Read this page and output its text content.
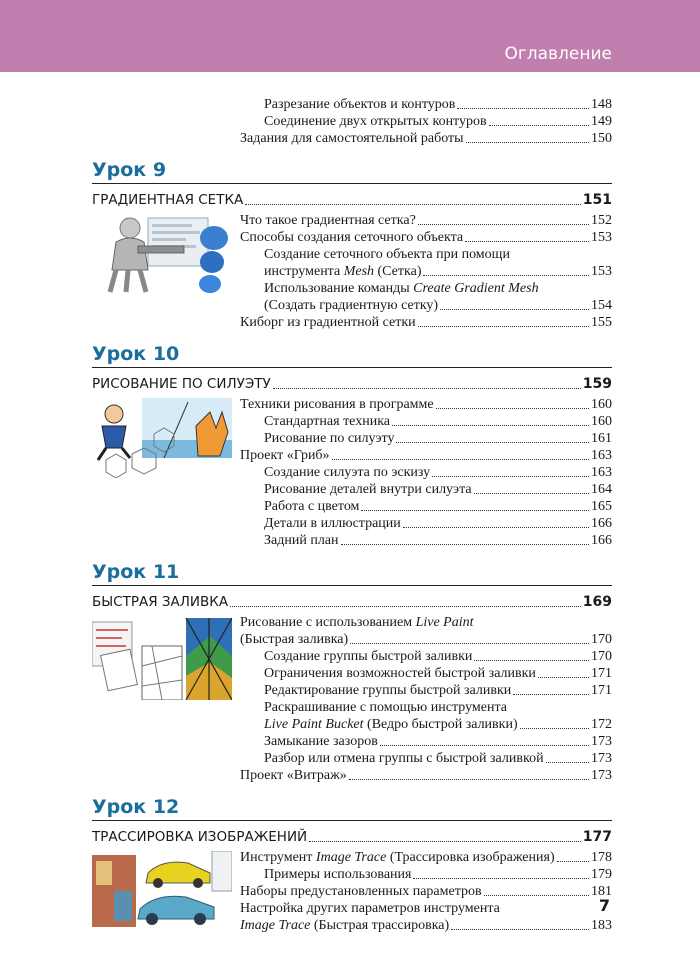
Оглавление
Разрезание объектов и контуров	148
Соединение двух открытых контуров	149
Задания для самостоятельной работы	150
Урок 9
ГРАДИЕНТНАЯ СЕТКА	151
Что такое градиентная сетка?	152
Способы создания сеточного объекта	153
Создание сеточного объекта при помощи
инструмента Mesh (Сетка)	153
Использование команды Create Gradient Mesh
(Создать градиентную сетку)	154
Киборг из градиентной сетки	155
Урок 10
РИСОВАНИЕ ПО СИЛУЭТУ	159
Техники рисования в программе	160
Стандартная техника	160
Рисование по силуэту	161
Проект «Гриб»	163
Создание силуэта по эскизу	163
Рисование деталей внутри силуэта	164
Работа с цветом	165
Детали в иллюстрации	166
Задний план	166
Урок 11
БЫСТРАЯ ЗАЛИВКА	169
Рисование с использованием Live Paint
(Быстрая заливка)	170
Создание группы быстрой заливки	170
Ограничения возможностей быстрой заливки	171
Редактирование группы быстрой заливки	171
Раскрашивание с помощью инструмента
Live Paint Bucket (Ведро быстрой заливки)	172
Замыкание зазоров	173
Разбор или отмена группы с быстрой заливкой	173
Проект «Витраж»	173
Урок 12
ТРАССИРОВКА ИЗОБРАЖЕНИЙ	177
Инструмент Image Trace (Трассировка изображения)	178
Примеры использования	179
Наборы предустановленных параметров	181
Настройка других параметров инструмента
Image Trace (Быстрая трассировка)	183
7
